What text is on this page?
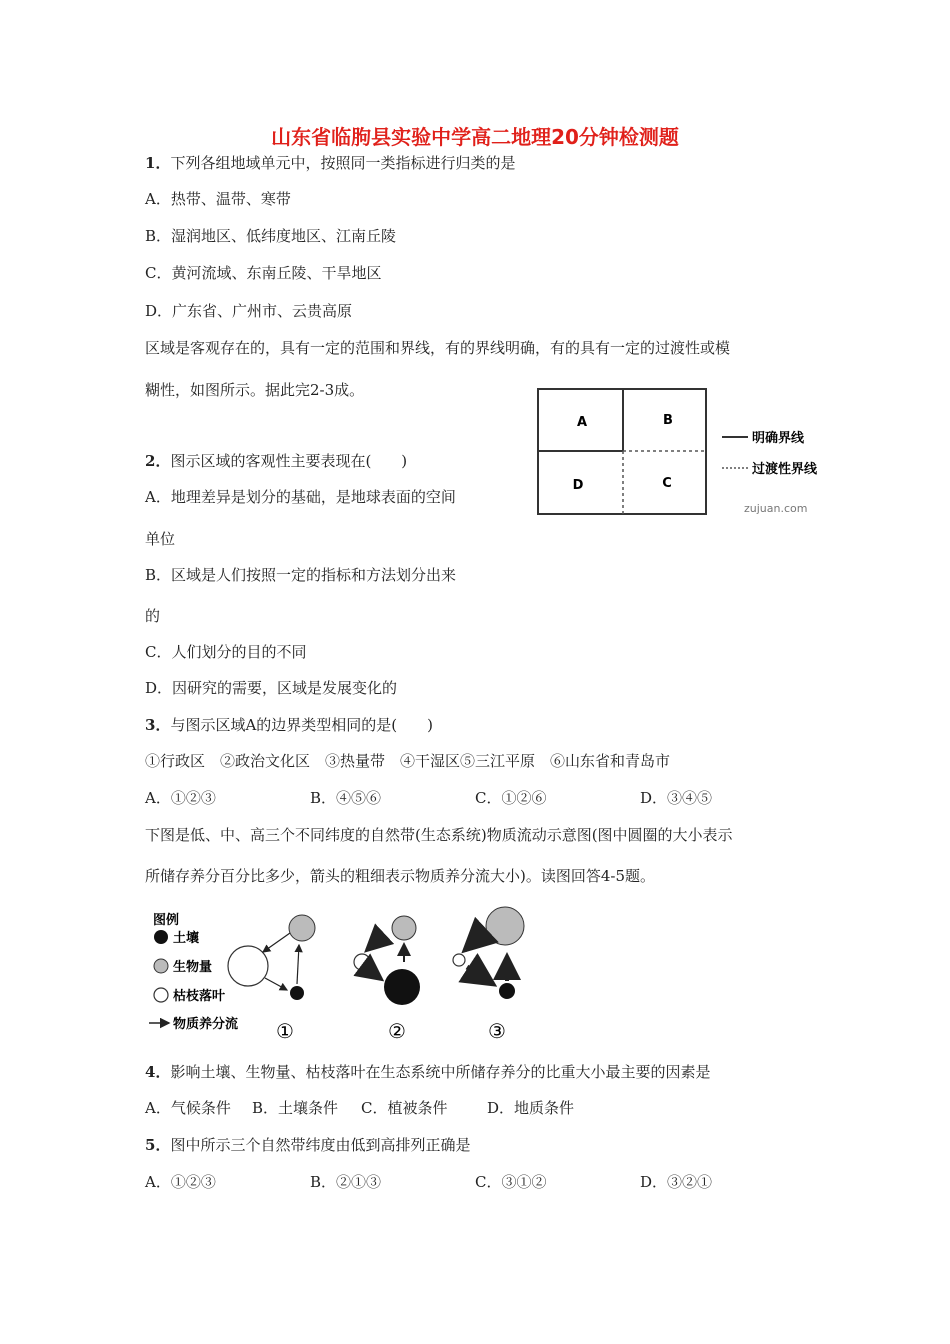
山东省临朐县实验中学高二地理20分钟检测题
1．下列各组地域单元中，按照同一类指标进行归类的是
A．热带、温带、寒带
B．湿润地区、低纬度地区、江南丘陵
C．黄河流域、东南丘陵、干旱地区
D．广东省、广州市、云贵高原
区域是客观存在的，具有一定的范围和界线，有的界线明确，有的具有一定的过渡性或模
糊性，如图所示。据此完2-3成。
A	B
D	C
明确界线
过渡性界线
zujuan.com
2．图示区域的客观性主要表现在(　　)
A．地理差异是划分的基础，是地球表面的空间
单位
B．区域是人们按照一定的指标和方法划分出来
的
C．人们划分的目的不同
D．因研究的需要，区域是发展变化的
3．与图示区域A的边界类型相同的是(　　)
①行政区　②政治文化区　③热量带　④干湿区⑤三江平原　⑥山东省和青岛市
A．①②③	B．④⑤⑥	C．①②⑥	D．③④⑤
下图是低、中、高三个不同纬度的自然带(生态系统)物质流动示意图(图中圆圈的大小表示
所储存养分百分比多少，箭头的粗细表示物质养分流大小)。读图回答4-5题。
图例
土壤
生物量
枯枝落叶
物质养分流 ①	②	③
4．影响土壤、生物量、枯枝落叶在生态系统中所储存养分的比重大小最主要的因素是
A．气候条件 B．土壤条件 C．植被条件	D．地质条件
5．图中所示三个自然带纬度由低到高排列正确是
A．①②③	B．②①③	C．③①②	D．③②①
